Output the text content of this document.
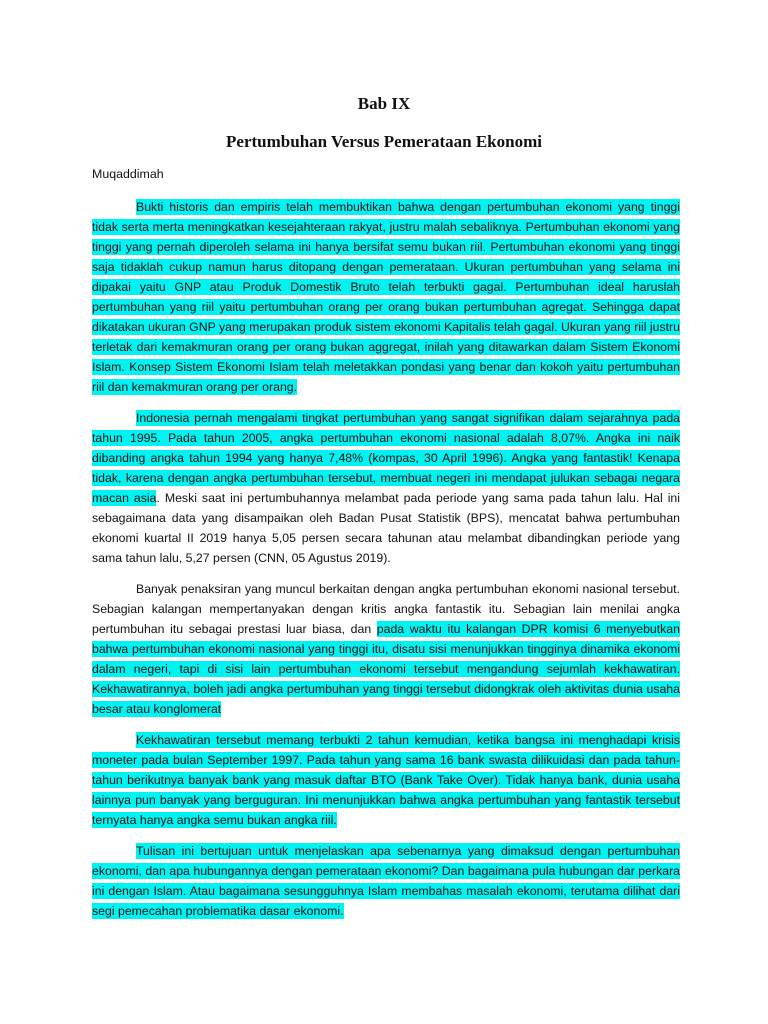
Bab IX
Pertumbuhan Versus Pemerataan Ekonomi

Muqaddimah

Bukti historis dan empiris telah membuktikan bahwa dengan pertumbuhan ekonomi yang tinggi tidak serta merta meningkatkan kesejahteraan rakyat, justru malah sebaliknya. Pertumbuhan ekonomi yang tinggi yang pernah diperoleh selama ini hanya bersifat semu bukan riil. Pertumbuhan ekonomi yang tinggi saja tidaklah cukup namun harus ditopang dengan pemerataan. Ukuran pertumbuhan yang selama ini dipakai yaitu GNP atau Produk Domestik Bruto telah terbukti gagal. Pertumbuhan ideal haruslah pertumbuhan yang riil yaitu pertumbuhan orang per orang bukan pertumbuhan agregat. Sehingga dapat dikatakan ukuran GNP yang merupakan produk sistem ekonomi Kapitalis telah gagal. Ukuran yang riil justru terletak dari kemakmuran orang per orang bukan aggregat, inilah yang ditawarkan dalam Sistem Ekonomi Islam. Konsep Sistem Ekonomi Islam telah meletakkan pondasi yang benar dan kokoh yaitu pertumbuhan riil dan kemakmuran orang per orang.

Indonesia pernah mengalami tingkat pertumbuhan yang sangat signifikan dalam sejarahnya pada tahun 1995. Pada tahun 2005, angka pertumbuhan ekonomi nasional adalah 8,07%. Angka ini naik dibanding angka tahun 1994 yang hanya 7,48% (kompas, 30 April 1996). Angka yang fantastik! Kenapa tidak, karena dengan angka pertumbuhan tersebut, membuat negeri ini mendapat julukan sebagai negara macan asia. Meski saat ini pertumbuhannya melambat pada periode yang sama pada tahun lalu. Hal ini sebagaimana data yang disampaikan oleh Badan Pusat Statistik (BPS), mencatat bahwa pertumbuhan ekonomi kuartal II 2019 hanya 5,05 persen secara tahunan atau melambat dibandingkan periode yang sama tahun lalu, 5,27 persen (CNN, 05 Agustus 2019).

Banyak penaksiran yang muncul berkaitan dengan angka pertumbuhan ekonomi nasional tersebut. Sebagian kalangan mempertanyakan dengan kritis angka fantastik itu. Sebagian lain menilai angka pertumbuhan itu sebagai prestasi luar biasa, dan pada waktu itu kalangan DPR komisi 6 menyebutkan bahwa pertumbuhan ekonomi nasional yang tinggi itu, disatu sisi menunjukkan tingginya dinamika ekonomi dalam negeri, tapi di sisi lain pertumbuhan ekonomi tersebut mengandung sejumlah kekhawatiran. Kekhawatirannya, boleh jadi angka pertumbuhan yang tinggi tersebut didongkrak oleh aktivitas dunia usaha besar atau konglomerat

Kekhawatiran tersebut memang terbukti 2 tahun kemudian, ketika bangsa ini menghadapi krisis moneter pada bulan September 1997. Pada tahun yang sama 16 bank swasta dilikuidasi dan pada tahun-tahun berikutnya banyak bank yang masuk daftar BTO (Bank Take Over). Tidak hanya bank, dunia usaha lainnya pun banyak yang berguguran. Ini menunjukkan bahwa angka pertumbuhan yang fantastik tersebut ternyata hanya angka semu bukan angka riil.

Tulisan ini bertujuan untuk menjelaskan apa sebenarnya yang dimaksud dengan pertumbuhan ekonomi, dan apa hubungannya dengan pemerataan ekonomi? Dan bagaimana pula hubungan dar perkara ini dengan Islam. Atau bagaimana sesungguhnya Islam membahas masalah ekonomi, terutama dilihat dari segi pemecahan problematika dasar ekonomi.
